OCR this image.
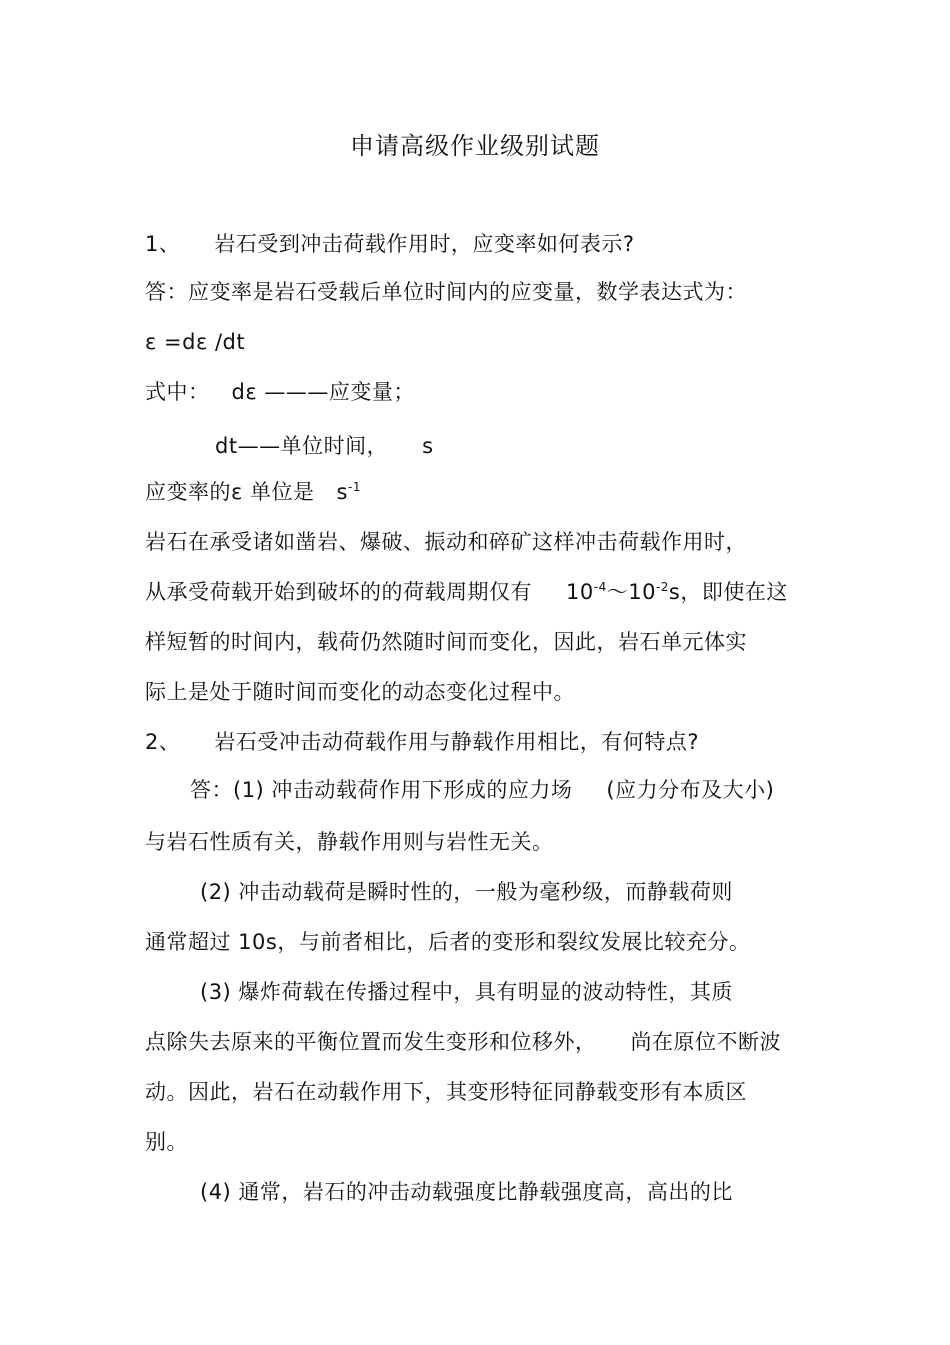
申请高级作业级别试题
1、 岩石受到冲击荷载作用时，应变率如何表示?
答：应变率是岩石受载后单位时间内的应变量，数学表达式为：
ε =dε /dt
式中： dε ———应变量；
dt——单位时间， s
应变率的ε 单位是 $s^{-1}$
岩石在承受诸如凿岩、爆破、振动和碎矿这样冲击荷载作用时，
从承受荷载开始到破坏的的荷载周期仅有 $10^{-4}\sim 10^{-2}s$，即使在这
样短暂的时间内，载荷仍然随时间而变化，因此，岩石单元体实
际上是处于随时间而变化的动态变化过程中。
2、 岩石受冲击动荷载作用与静载作用相比，有何特点?
答：(1) 冲击动载荷作用下形成的应力场 (应力分布及大小)
与岩石性质有关，静载作用则与岩性无关。
(2) 冲击动载荷是瞬时性的，一般为毫秒级，而静载荷则
通常超过 10s，与前者相比，后者的变形和裂纹发展比较充分。
(3) 爆炸荷载在传播过程中，具有明显的波动特性，其质
点除失去原来的平衡位置而发生变形和位移外， 尚在原位不断波
动。因此，岩石在动载作用下，其变形特征同静载变形有本质区
别。
(4) 通常，岩石的冲击动载强度比静载强度高，高出的比
